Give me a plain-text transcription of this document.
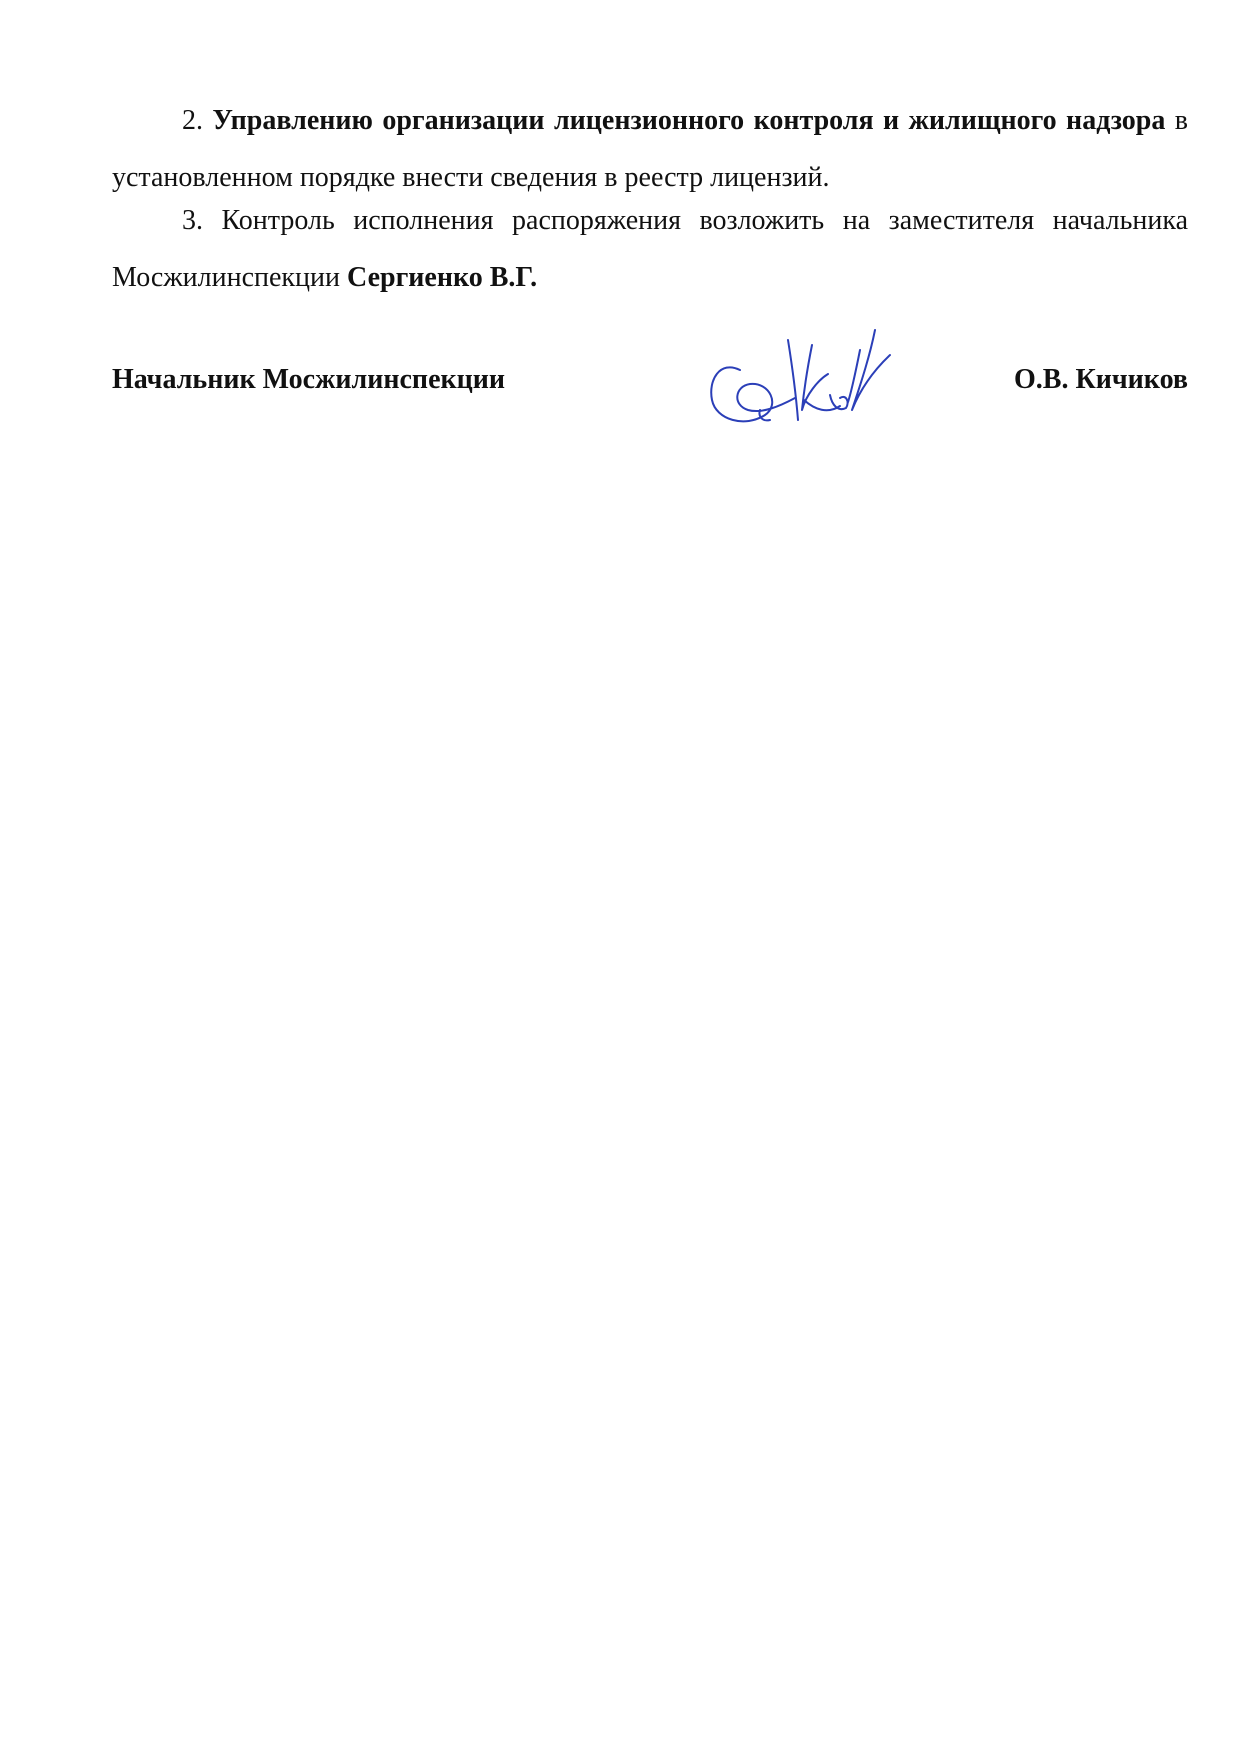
2. Управлению организации лицензионного контроля и жилищного надзора в установленном порядке внести сведения в реестр лицензий.
3. Контроль исполнения распоряжения возложить на заместителя начальника Мосжилинспекции Сергиенко В.Г.
Начальник Мосжилинспекции	О.В. Кичиков
